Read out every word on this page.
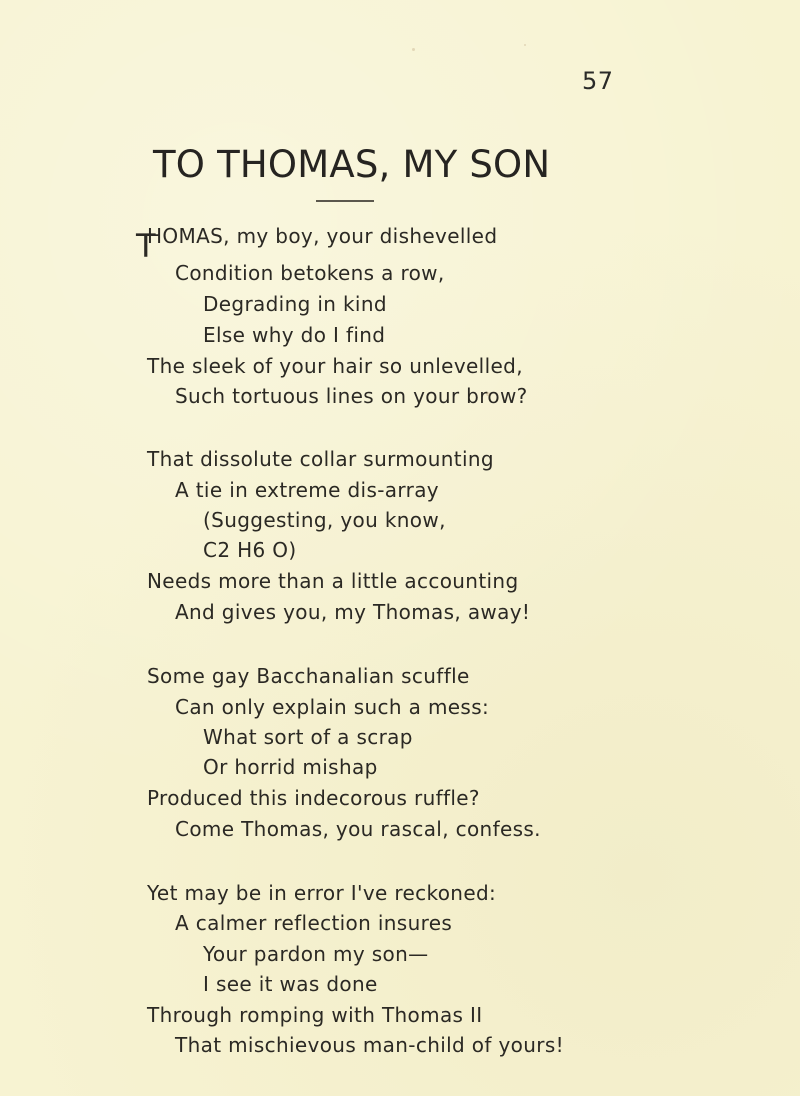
57
TO THOMAS, MY SON
T
HOMAS, my boy, your dishevelled
Condition betokens a row,
Degrading in kind
Else why do I find
The sleek of your hair so unlevelled,
Such tortuous lines on your brow?
That dissolute collar surmounting
A tie in extreme dis-array
(Suggesting, you know,
C2 H6 O)
Needs more than a little accounting
And gives you, my Thomas, away!
Some gay Bacchanalian scuffle
Can only explain such a mess:
What sort of a scrap
Or horrid mishap
Produced this indecorous ruffle?
Come Thomas, you rascal, confess.
Yet may be in error I've reckoned:
A calmer reflection insures
Your pardon my son—
I see it was done
Through romping with Thomas II
That mischievous man-child of yours!
